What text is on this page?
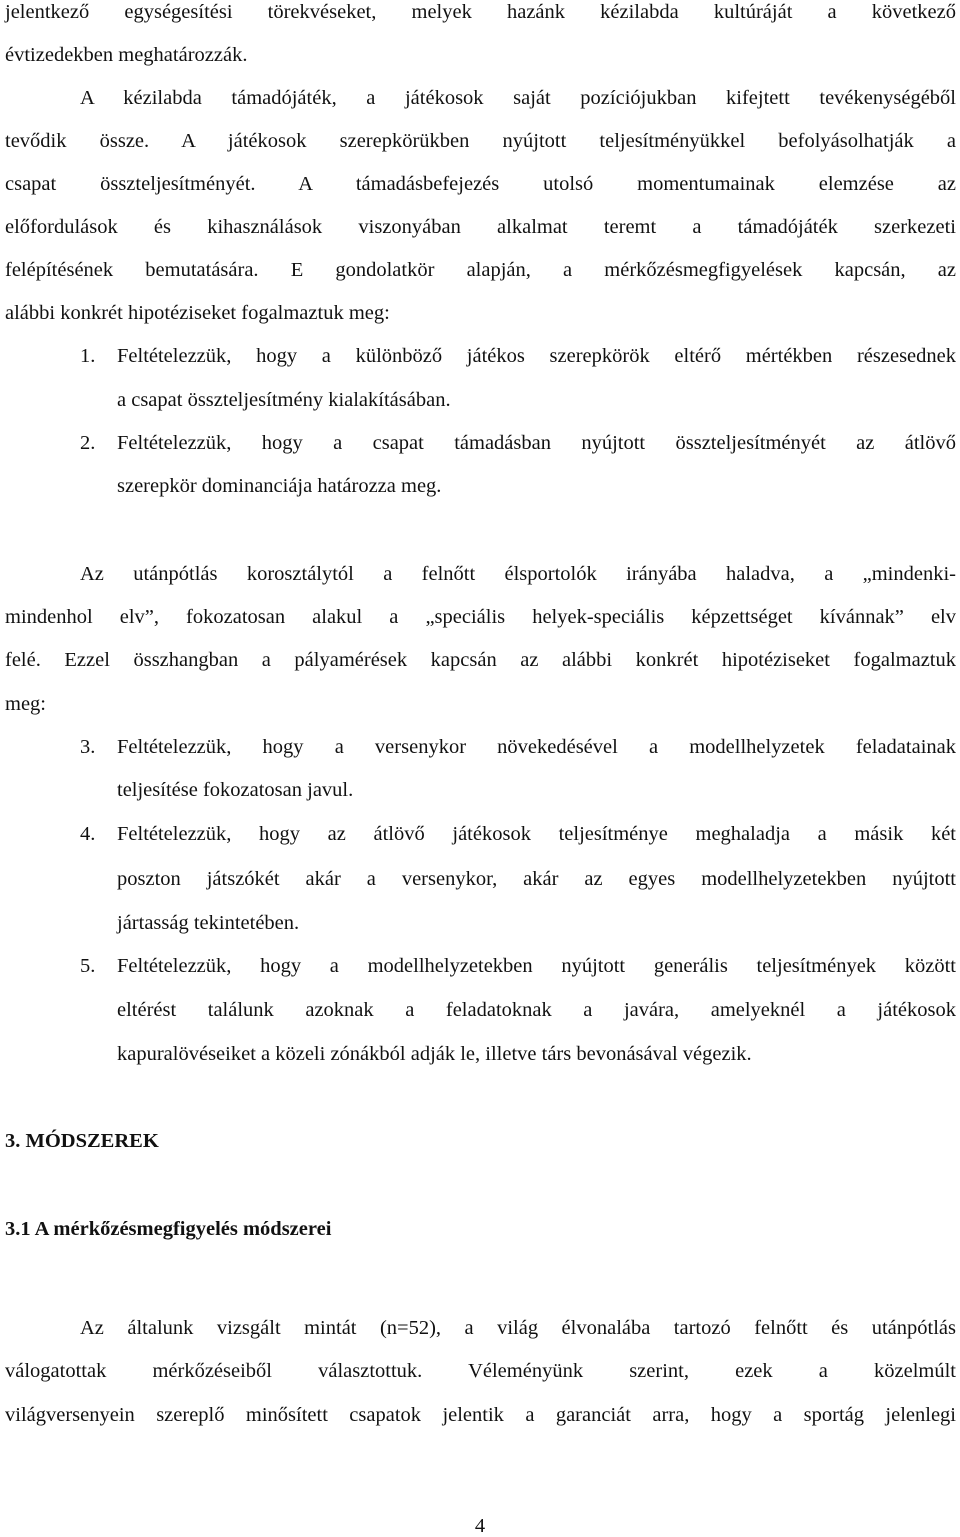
jelentkező egységesítési törekvéseket, melyek hazánk kézilabda kultúráját a következő
évtizedekben meghatározzák.
A kézilabda támadójáték, a játékosok saját pozíciójukban kifejtett tevékenységéből
tevődik össze. A játékosok szerepkörükben nyújtott teljesítményükkel befolyásolhatják a
csapat összteljesítményét. A támadásbefejezés utolsó momentumainak elemzése az
előfordulások és kihasználások viszonyában alkalmat teremt a támadójáték szerkezeti
felépítésének bemutatására. E gondolatkör alapján, a mérkőzésmegfigyelések kapcsán, az
alábbi konkrét hipotéziseket fogalmaztuk meg:
1. Feltételezzük, hogy a különböző játékos szerepkörök eltérő mértékben részesednek
a csapat összteljesítmény kialakításában.
2. Feltételezzük, hogy a csapat támadásban nyújtott összteljesítményét az átlövő
szerepkör dominanciája határozza meg.
Az utánpótlás korosztálytól a felnőtt élsportolók irányába haladva, a „mindenki-
mindenhol elv”, fokozatosan alakul a „speciális helyek-speciális képzettséget kívánnak” elv
felé. Ezzel összhangban a pályamérések kapcsán az alábbi konkrét hipotéziseket fogalmaztuk
meg:
3. Feltételezzük, hogy a versenykor növekedésével a modellhelyzetek feladatainak
teljesítése fokozatosan javul.
4. Feltételezzük, hogy az átlövő játékosok teljesítménye meghaladja a másik két
poszton játszókét akár a versenykor, akár az egyes modellhelyzetekben nyújtott
jártasság tekintetében.
5. Feltételezzük, hogy a modellhelyzetekben nyújtott generális teljesítmények között
eltérést találunk azoknak a feladatoknak a javára, amelyeknél a játékosok
kapuralövéseiket a közeli zónákból adják le, illetve társ bevonásával végezik.
3. MÓDSZEREK
3.1 A mérkőzésmegfigyelés módszerei
Az általunk vizsgált mintát (n=52), a világ élvonalába tartozó felnőtt és utánpótlás
válogatottak mérkőzéseiből választottuk. Véleményünk szerint, ezek a közelmúlt
világversenyein szereplő minősített csapatok jelentik a garanciát arra, hogy a sportág jelenlegi
4
